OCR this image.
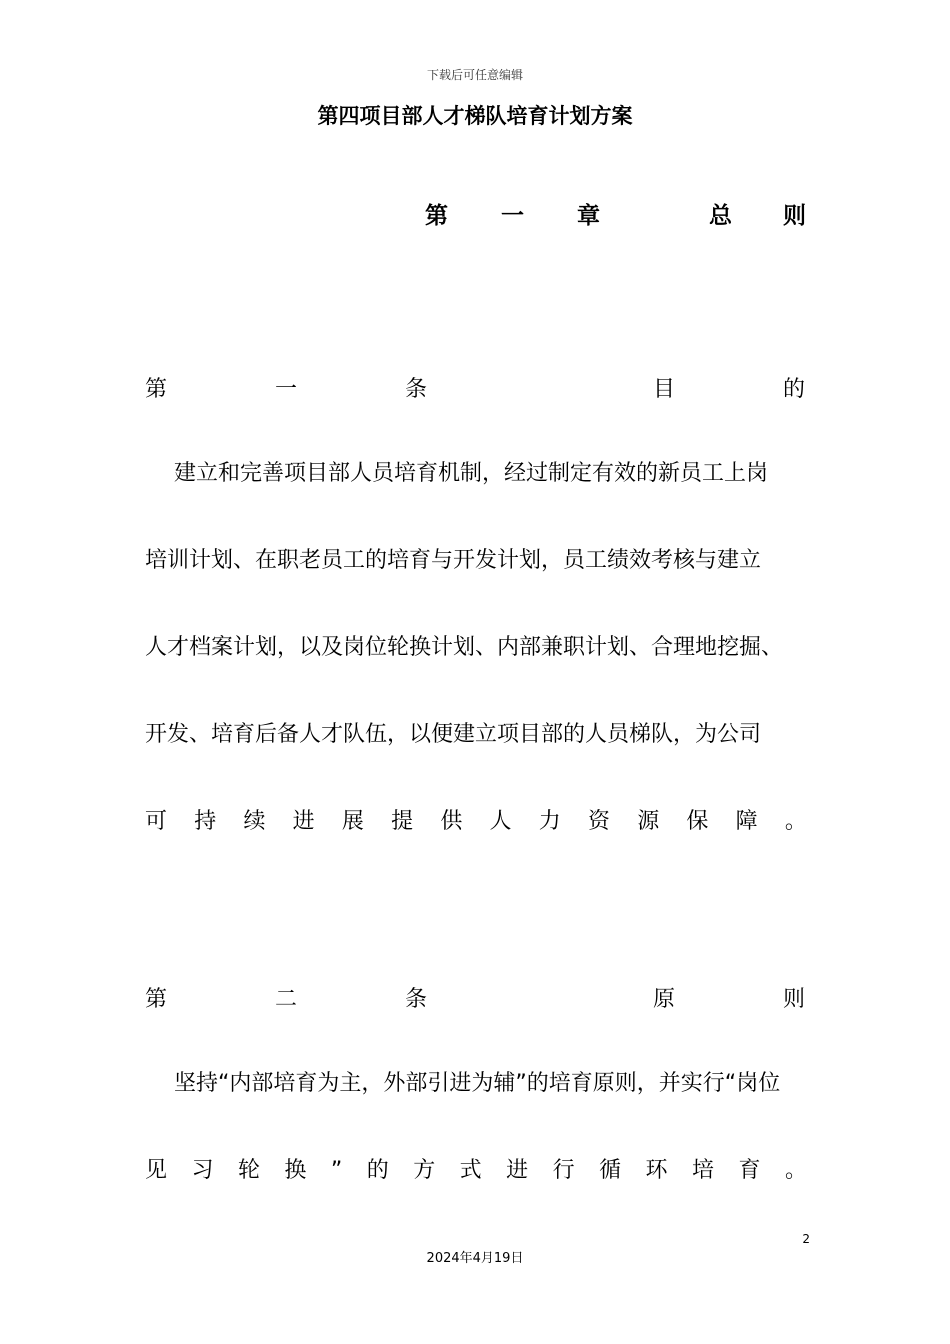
下载后可任意编辑
第四项目部人才梯队培育计划方案
第 一 章	总 则
第	一	条	目	的
建立和完善项目部人员培育机制，经过制定有效的新员工上岗
培训计划、在职老员工的培育与开发计划，员工绩效考核与建立
人才档案计划，以及岗位轮换计划、内部兼职计划、合理地挖掘、
开发、培育后备人才队伍，以便建立项目部的人员梯队，为公司
可 持 续 进 展 提 供 人 力 资 源 保 障 。
第	二	条	原	则
坚持“内部培育为主，外部引进为辅”的培育原则，并实行“岗位
见 习 轮 换 ” 的 方 式 进 行 循 环 培 育 。
2
2024年4月19日
